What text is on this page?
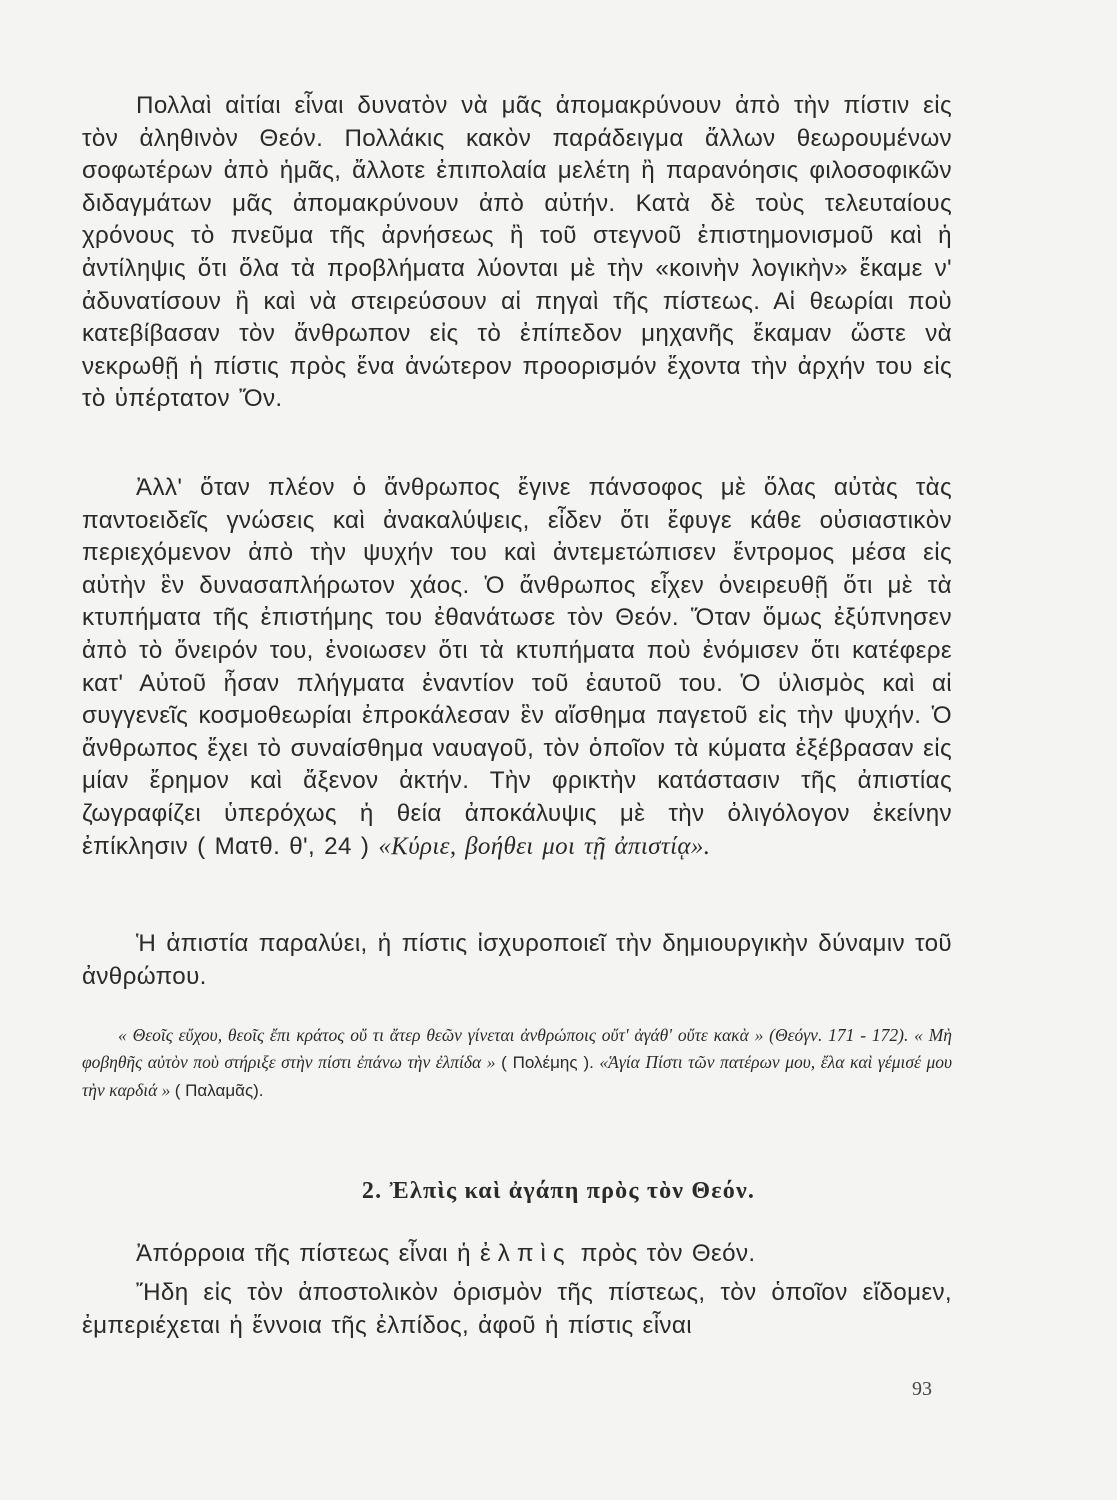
Πολλαὶ αἰτίαι εἶναι δυνατὸν νὰ μᾶς ἀπομακρύνουν ἀπὸ τὴν πίστιν εἰς τὸν ἀληθινὸν Θεόν. Πολλάκις κακὸν παράδειγμα ἄλλων θεωρουμένων σοφωτέρων ἀπὸ ἡμᾶς, ἄλλοτε ἐπιπολαία μελέτη ἢ παρανόησις φιλοσοφικῶν διδαγμάτων μᾶς ἀπομακρύνουν ἀπὸ αὐτήν. Κατὰ δὲ τοὺς τελευταίους χρόνους τὸ πνεῦμα τῆς ἀρνήσεως ἢ τοῦ στεγνοῦ ἐπιστημονισμοῦ καὶ ἡ ἀντίληψις ὅτι ὅλα τὰ προβλήματα λύονται μὲ τὴν «κοινὴν λογικὴν» ἔκαμε ν' ἀδυνατίσουν ἢ καὶ νὰ στειρεύσουν αἱ πηγαὶ τῆς πίστεως. Αἱ θεωρίαι ποὺ κατεβίβασαν τὸν ἄνθρωπον εἰς τὸ ἐπίπεδον μηχανῆς ἔκαμαν ὥστε νὰ νεκρωθῇ ἡ πίστις πρὸς ἕνα ἀνώτερον προορισμόν ἔχοντα τὴν ἀρχήν του εἰς τὸ ὑπέρτατον Ὄν.

Ἀλλ' ὅταν πλέον ὁ ἄνθρωπος ἔγινε πάνσοφος μὲ ὅλας αὐτὰς τὰς παντοειδεῖς γνώσεις καὶ ἀνακαλύψεις, εἶδεν ὅτι ἔφυγε κάθε οὐσιαστικὸν περιεχόμενον ἀπὸ τὴν ψυχήν του καὶ ἀντεμετώπισεν ἔντρομος μέσα εἰς αὐτὴν ἓν δυνασαπλήρωτον χάος. Ὁ ἄνθρωπος εἶχεν ὀνειρευθῇ ὅτι μὲ τὰ κτυπήματα τῆς ἐπιστήμης του ἐθανάτωσε τὸν Θεόν. Ὅταν ὅμως ἐξύπνησεν ἀπὸ τὸ ὄνειρόν του, ἐνοιωσεν ὅτι τὰ κτυπήματα ποὺ ἐνόμισεν ὅτι κατέφερε κατ' Αὐτοῦ ἦσαν πλήγματα ἐναντίον τοῦ ἑαυτοῦ του. Ὁ ὑλισμὸς καὶ αἱ συγγενεῖς κοσμοθεωρίαι ἐπροκάλεσαν ἓν αἴσθημα παγετοῦ εἰς τὴν ψυχήν. Ὁ ἄνθρωπος ἔχει τὸ συναίσθημα ναυαγοῦ, τὸν ὁποῖον τὰ κύματα ἐξέβρασαν εἰς μίαν ἔρημον καὶ ἄξενον ἀκτήν. Τὴν φρικτὴν κατάστασιν τῆς ἀπιστίας ζωγραφίζει ὑπερόχως ἡ θεία ἀποκάλυψις μὲ τὴν ὀλιγόλογον ἐκείνην ἐπίκλησιν ( Ματθ. θ', 24 ) «Κύριε, βοήθει μοι τῇ ἀπιστίᾳ».

Ἡ ἀπιστία παραλύει, ἡ πίστις ἰσχυροποιεῖ τὴν δημιουργικὴν δύναμιν τοῦ ἀνθρώπου.

« Θεοῖς εὔχου, θεοῖς ἔπι κράτος οὔ τι ἄτερ θεῶν γίνεται ἀνθρώποις οὔτ' ἀγάθ' οὔτε κακὰ » (Θεόγν. 171 - 172). « Μὴ φοβηθῆς αὐτὸν ποὺ στήριξε στὴν πίστι ἐπάνω τὴν ἐλπίδα » ( Πολέμης ). «Ἁγία Πίστι τῶν πατέρων μου, ἔλα καὶ γέμισέ μου τὴν καρδιά » ( Παλαμᾶς).

2. Ἐλπὶς καὶ ἀγάπη πρὸς τὸν Θεόν.

Ἀπόρροια τῆς πίστεως εἶναι ἡ ἐλπὶς πρὸς τὸν Θεόν.

Ἤδη εἰς τὸν ἀποστολικὸν ὁρισμὸν τῆς πίστεως, τὸν ὁποῖον εἴδομεν, ἐμπεριέχεται ἡ ἔννοια τῆς ἐλπίδος, ἀφοῦ ἡ πίστις εἶναι

93
